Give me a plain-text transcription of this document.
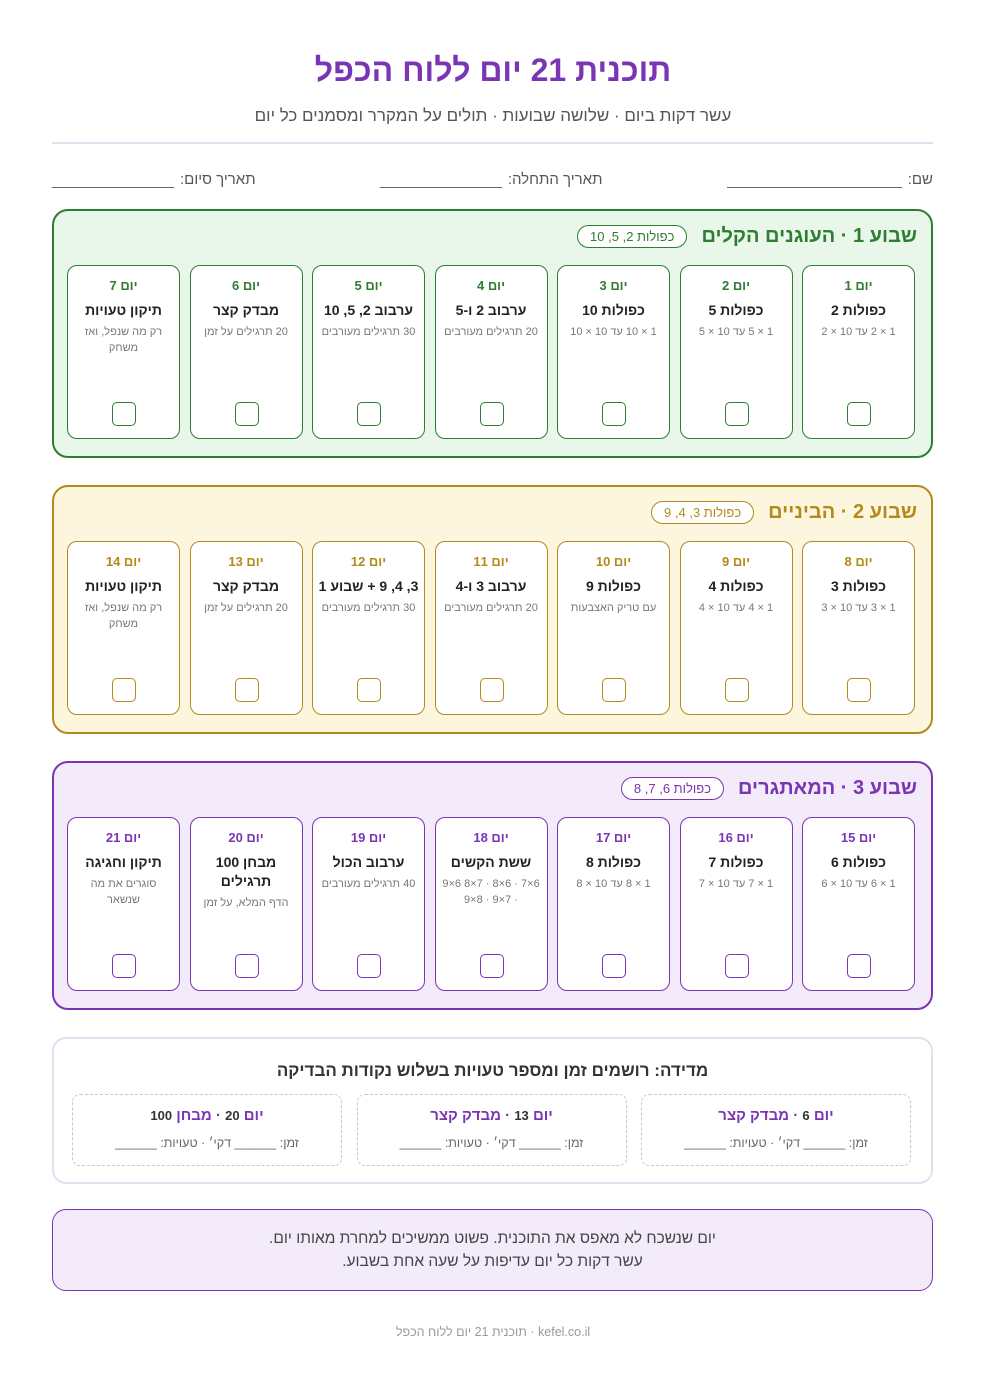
תוכנית 21 יום ללוח הכפל
עשר דקות ביום · שלושה שבועות · תולים על המקרר ומסמנים כל יום
שם:
תאריך התחלה:
תאריך סיום:
שבוע 1 · העוגנים הקלים
כפולות 2, 5, 10
יום 1
כפולות 2
1 × 2 עד 10 × 2
יום 2
כפולות 5
1 × 5 עד 10 × 5
יום 3
כפולות 10
1 × 10 עד 10 × 10
יום 4
ערבוב 2 ו-5
20 תרגילים מעורבים
יום 5
ערבוב 2, 5, 10
30 תרגילים מעורבים
יום 6
מבדק קצר
20 תרגילים על זמן
יום 7
תיקון טעויות
רק מה שנפל, ואז משחק
שבוע 2 · הביניים
כפולות 3, 4, 9
יום 8
כפולות 3
1 × 3 עד 10 × 3
יום 9
כפולות 4
1 × 4 עד 10 × 4
יום 10
כפולות 9
עם טריק האצבעות
יום 11
ערבוב 3 ו-4
20 תרגילים מעורבים
יום 12
3, 4, 9 + שבוע 1
30 תרגילים מעורבים
יום 13
מבדק קצר
20 תרגילים על זמן
יום 14
תיקון טעויות
רק מה שנפל, ואז משחק
שבוע 3 · המאתגרים
כפולות 6, 7, 8
יום 15
כפולות 6
1 × 6 עד 10 × 6
יום 16
כפולות 7
1 × 7 עד 10 × 7
יום 17
כפולות 8
1 × 8 עד 10 × 8
יום 18
ששת הקשים
6×7 · 6×8 · 7×8 6×9 · 7×9 · 8×9
יום 19
ערבוב הכול
40 תרגילים מעורבים
יום 20
מבחן 100 תרגילים
הדף המלא, על זמן
יום 21
תיקון וחגיגה
סוגרים את מה שנשאר
מדידה: רושמים זמן ומספר טעויות בשלוש נקודות הבדיקה
יום 6 · מבדק קצר
זמן: ______ דקי׳ · טעויות: ______
יום 13 · מבדק קצר
זמן: ______ דקי׳ · טעויות: ______
יום 20 · מבחן 100
זמן: ______ דקי׳ · טעויות: ______
יום שנשכח לא מאפס את התוכנית. פשוט ממשיכים למחרת מאותו יום.
עשר דקות כל יום עדיפות על שעה אחת בשבוע.
kefel.co.il · תוכנית 21 יום ללוח הכפל
